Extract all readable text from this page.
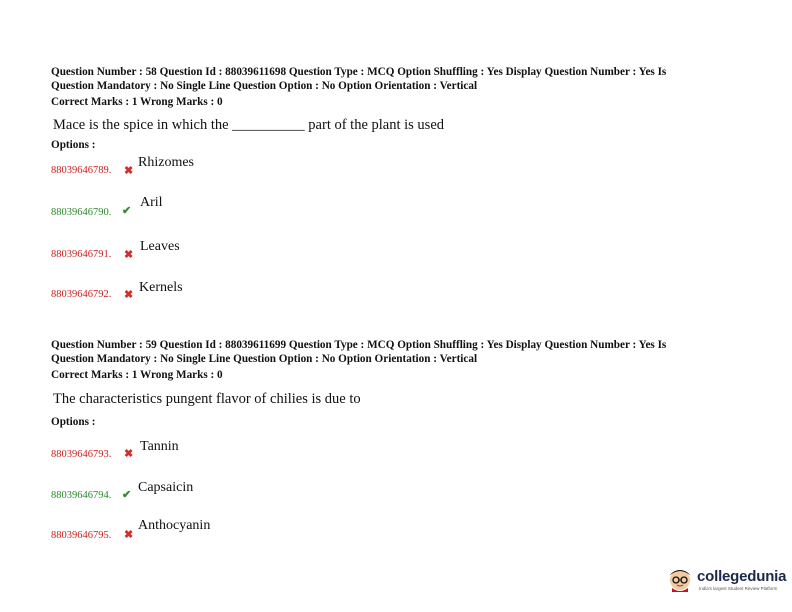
Question Number : 58 Question Id : 88039611698 Question Type : MCQ Option Shuffling : Yes Display Question Number : Yes Is
Question Mandatory : No Single Line Question Option : No Option Orientation : Vertical
Correct Marks : 1 Wrong Marks : 0
Mace is the spice in which the __________ part of the plant is used
Options :
88039646789. ✖
Rhizomes
88039646790. ✔
Aril
88039646791. ✖
Leaves
88039646792. ✖ Kernels
Question Number : 59 Question Id : 88039611699 Question Type : MCQ Option Shuffling : Yes Display Question Number : Yes Is
Question Mandatory : No Single Line Question Option : No Option Orientation : Vertical
Correct Marks : 1 Wrong Marks : 0
The characteristics pungent flavor of chilies is due to
Options :
88039646793. ✖ Tannin
88039646794. ✔ Capsaicin
88039646795. ✖
Anthocyanin
collegedunia
India's largest Student Review Platform
